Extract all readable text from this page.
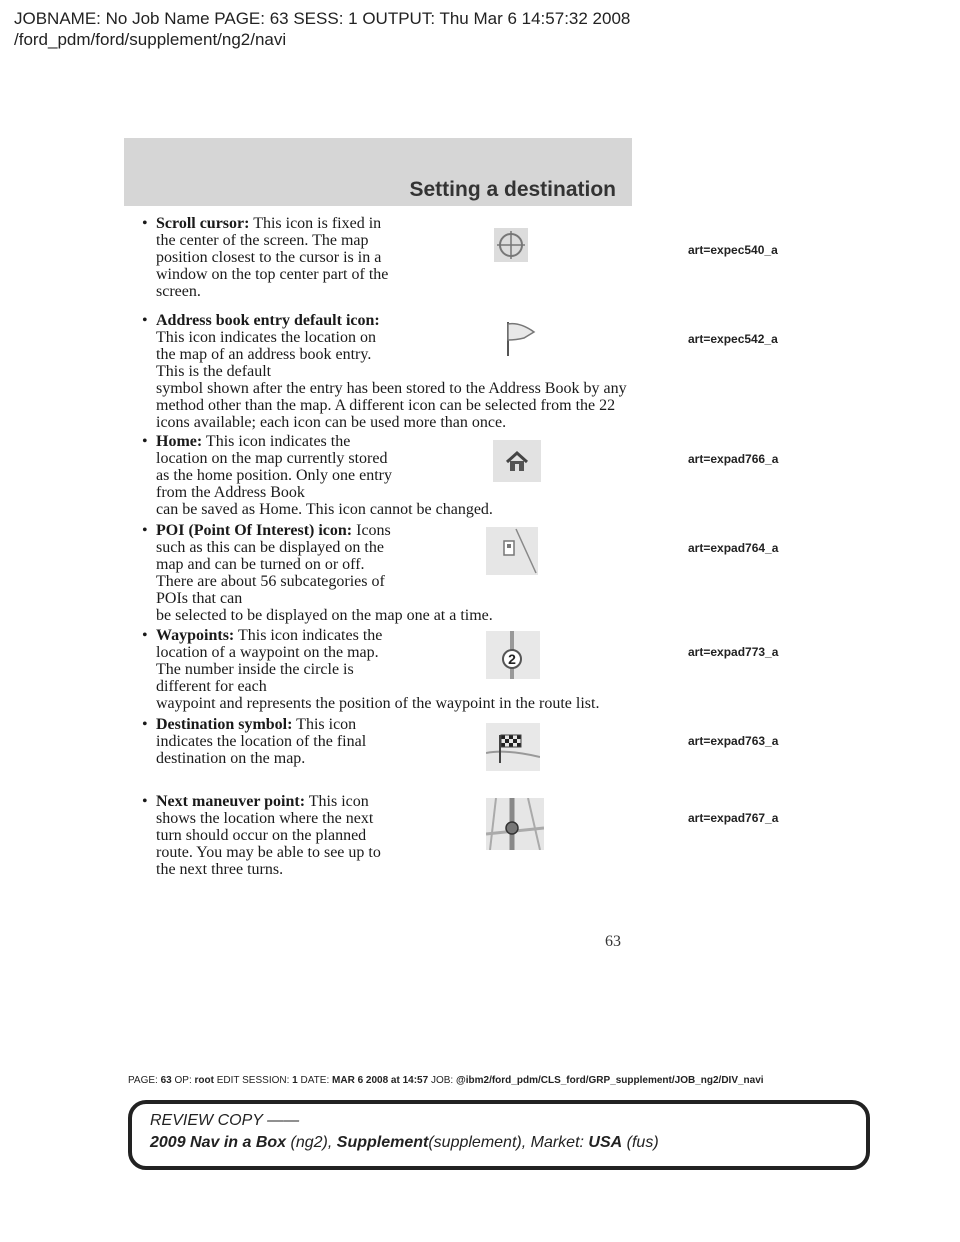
JOBNAME: No Job Name PAGE: 63 SESS: 1 OUTPUT: Thu Mar 6 14:57:32 2008
/ford_pdm/ford/supplement/ng2/navi
Setting a destination
• Scroll cursor: This icon is fixed in the center of the screen. The map position closest to the cursor is in a window on the top center part of the screen.
art=expec540_a
• Address book entry default icon: This icon indicates the location on the map of an address book entry. This is the default
symbol shown after the entry has been stored to the Address Book by any method other than the map. A different icon can be selected from the 22 icons available; each icon can be used more than once.
art=expec542_a
• Home: This icon indicates the location on the map currently stored as the home position. Only one entry from the Address Book
can be saved as Home. This icon cannot be changed.
art=expad766_a
• POI (Point Of Interest) icon: Icons such as this can be displayed on the map and can be turned on or off. There are about 56 subcategories of POIs that can
be selected to be displayed on the map one at a time.
art=expad764_a
• Waypoints: This icon indicates the location of a waypoint on the map. The number inside the circle is different for each
waypoint and represents the position of the waypoint in the route list.
art=expad773_a
2
• Destination symbol: This icon indicates the location of the final destination on the map.
art=expad763_a
• Next maneuver point: This icon shows the location where the next turn should occur on the planned route. You may be able to see up to the next three turns.
art=expad767_a
63
PAGE: 63 OP: root EDIT SESSION: 1 DATE: MAR 6 2008 at 14:57 JOB: @ibm2/ford_pdm/CLS_ford/GRP_supplement/JOB_ng2/DIV_navi
REVIEW COPY ——
2009 Nav in a Box (ng2), Supplement(supplement), Market: USA (fus)
